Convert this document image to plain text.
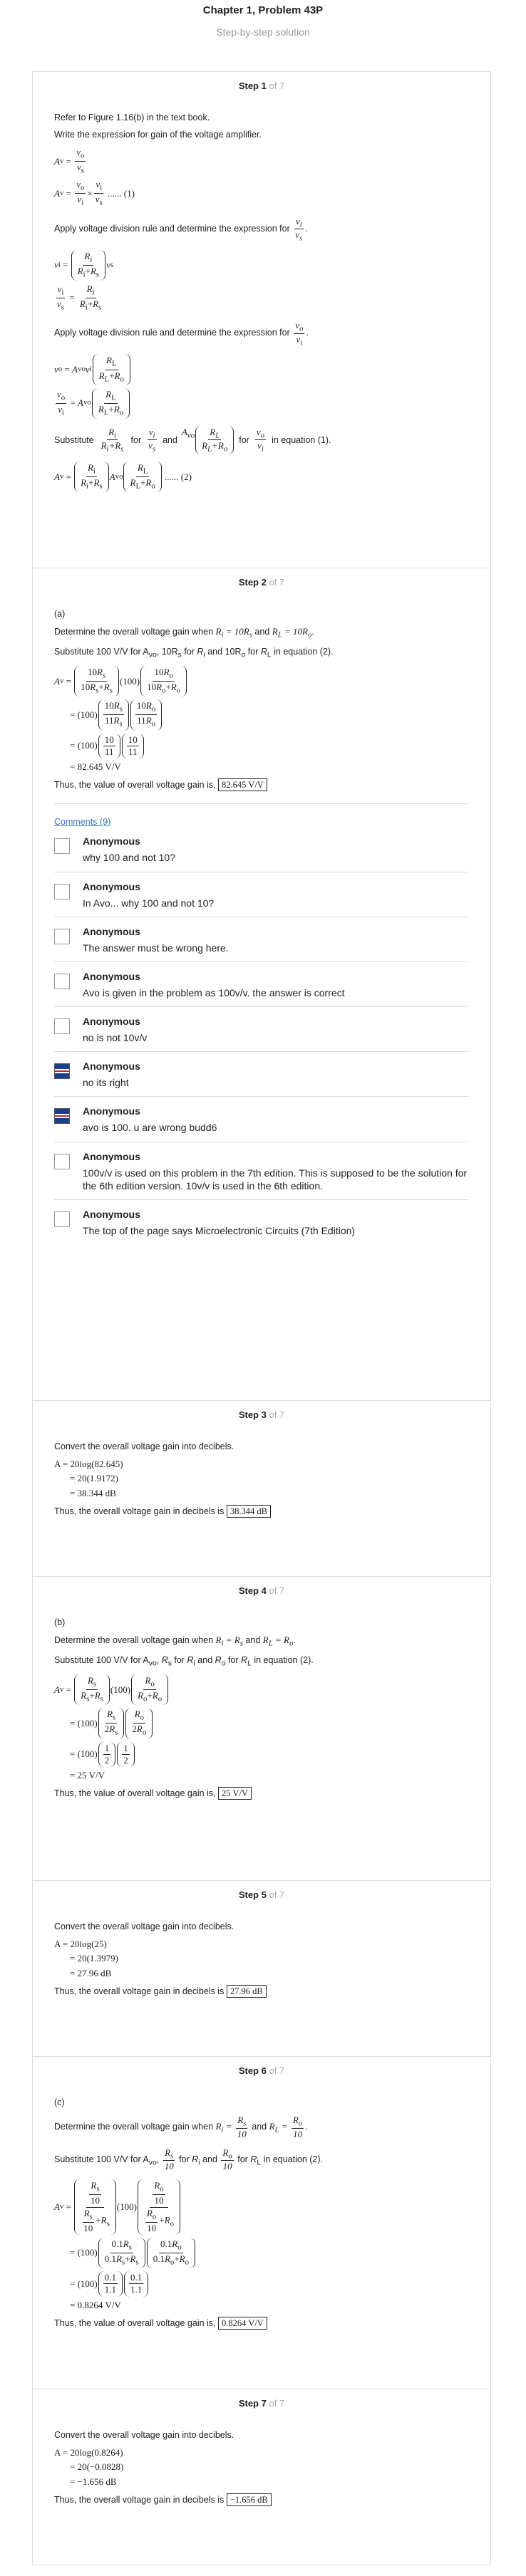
Chapter 1, Problem 43P
Step-by-step solution
Step 1 of 7
Refer to Figure 1.16(b) in the text book.
Write the expression for gain of the voltage amplifier.
A $v = \frac{v_o}{v_s}$
A $v = \frac{v_o}{v_i} \times \frac{v_i}{v_s}$ ...... (1)
Apply voltage division rule and determine the expression for $\frac{v_i}{v_s}$ .
v $i = \frac{R_i}{R_i+R_s}$ v s
$\frac{v_i}{v_s} = \frac{R_i}{R_i+R_s}$
Apply voltage division rule and determine the expression for $\frac{v_o}{v_i}$ .
v o = A vo v i $\frac{R_L}{R_L+R_o}$
$\frac{v_o}{v_i} = A$ vo $\frac{R_L}{R_L+R_o}$
Substitute $\frac{R_i}{R_i+R_s}$ for $\frac{v_i}{v_s}$ and
$A_{vo} \frac{R_L}{R_L+R_o}$ for $\frac{v_o}{v_i}$ in equation (1).
A $v = \frac{R_i}{R_i+R_s}$ A vo $\frac{R_L}{R_L+R_o}$ ...... (2)
Step 2 of 7
(a)
Determine the overall voltage gain when $R_i = 10R_s$ and $R_L = 10R_o$.
Substitute 100 V/V for $A_{vo}$, $10R_s$ for $R_i$ and $10R_o$ for $R_L$ in equation (2).
A $v = \frac{10R_s}{10R_s+R_s} (100) \frac{10R_o}{10R_o+R_o}$
= $(100) \frac{10R_s}{11R_s} \frac{10R_o}{11R_o}$
= $(100) \frac{10}{11} \frac{10}{11}$
= 82.645 V/V
Thus, the value of overall voltage gain is, 82.645 V/V
Comments (9)
Anonymous
why 100 and not 10?
Anonymous
In Avo... why 100 and not 10?
Anonymous
The answer must be wrong here.
Anonymous
Avo is given in the problem as 100v/v. the answer is correct
Anonymous
no is not 10v/v
Anonymous
no its right
Anonymous
avo is 100. u are wrong budd6
Anonymous
100v/v is used on this problem in the 7th edition. This is supposed to be the solution for the 6th edition version. 10v/v is used in the 6th edition.
Anonymous
The top of the page says Microelectronic Circuits (7th Edition)
Step 3 of 7
Convert the overall voltage gain into decibels.
A = 20log(82.645)
= 20(1.9172)
= 38.344 dB
Thus, the overall voltage gain in decibels is 38.344 dB
Step 4 of 7
(b)
Determine the overall voltage gain when $R_i = R_s$ and $R_L = R_o$.
Substitute 100 V/V for $A_{vo}$, $R_s$ for $R_i$ and $R_o$ for $R_L$ in equation (2).
A $v = \frac{R_s}{R_s+R_s} (100) \frac{R_o}{R_o+R_o}$
= $(100) \frac{R_s}{2R_s} \frac{R_o}{2R_o}$
= $(100) \frac{1}{2} \frac{1}{2}$
= 25 V/V
Thus, the value of overall voltage gain is, 25 V/V
Step 5 of 7
Convert the overall voltage gain into decibels.
A = 20log(25)
= 20(1.3979)
= 27.96 dB
Thus, the overall voltage gain in decibels is 27.96 dB
Step 6 of 7
(c)
Determine the overall voltage gain when $R_i = \frac{R_s}{10}$ and $R_L = \frac{R_o}{10}$ .
Substitute 100 V/V for $A_{vo}$, $\frac{R_s}{10}$ for $R_i$ and $\frac{R_o}{10}$ for $R_L$ in equation (2).
A $v = \frac{\frac{R_s}{10}}{\frac{R_s}{10} +R_s} (100) \frac{\frac{R_o}{10}}{\frac{R_o}{10} +R_o}$
= $(100) \frac{0.1R_s}{0.1R_s+R_s} \frac{0.1R_o}{0.1R_o+R_o}$
= $(100) \frac{0.1}{1.1} \frac{0.1}{1.1}$
= 0.8264 V/V
Thus, the value of overall voltage gain is, 0.8264 V/V
Step 7 of 7
Convert the overall voltage gain into decibels.
A = 20log(0.8264)
= 20(−0.0828)
= −1.656 dB
Thus, the overall voltage gain in decibels is −1.656 dB
